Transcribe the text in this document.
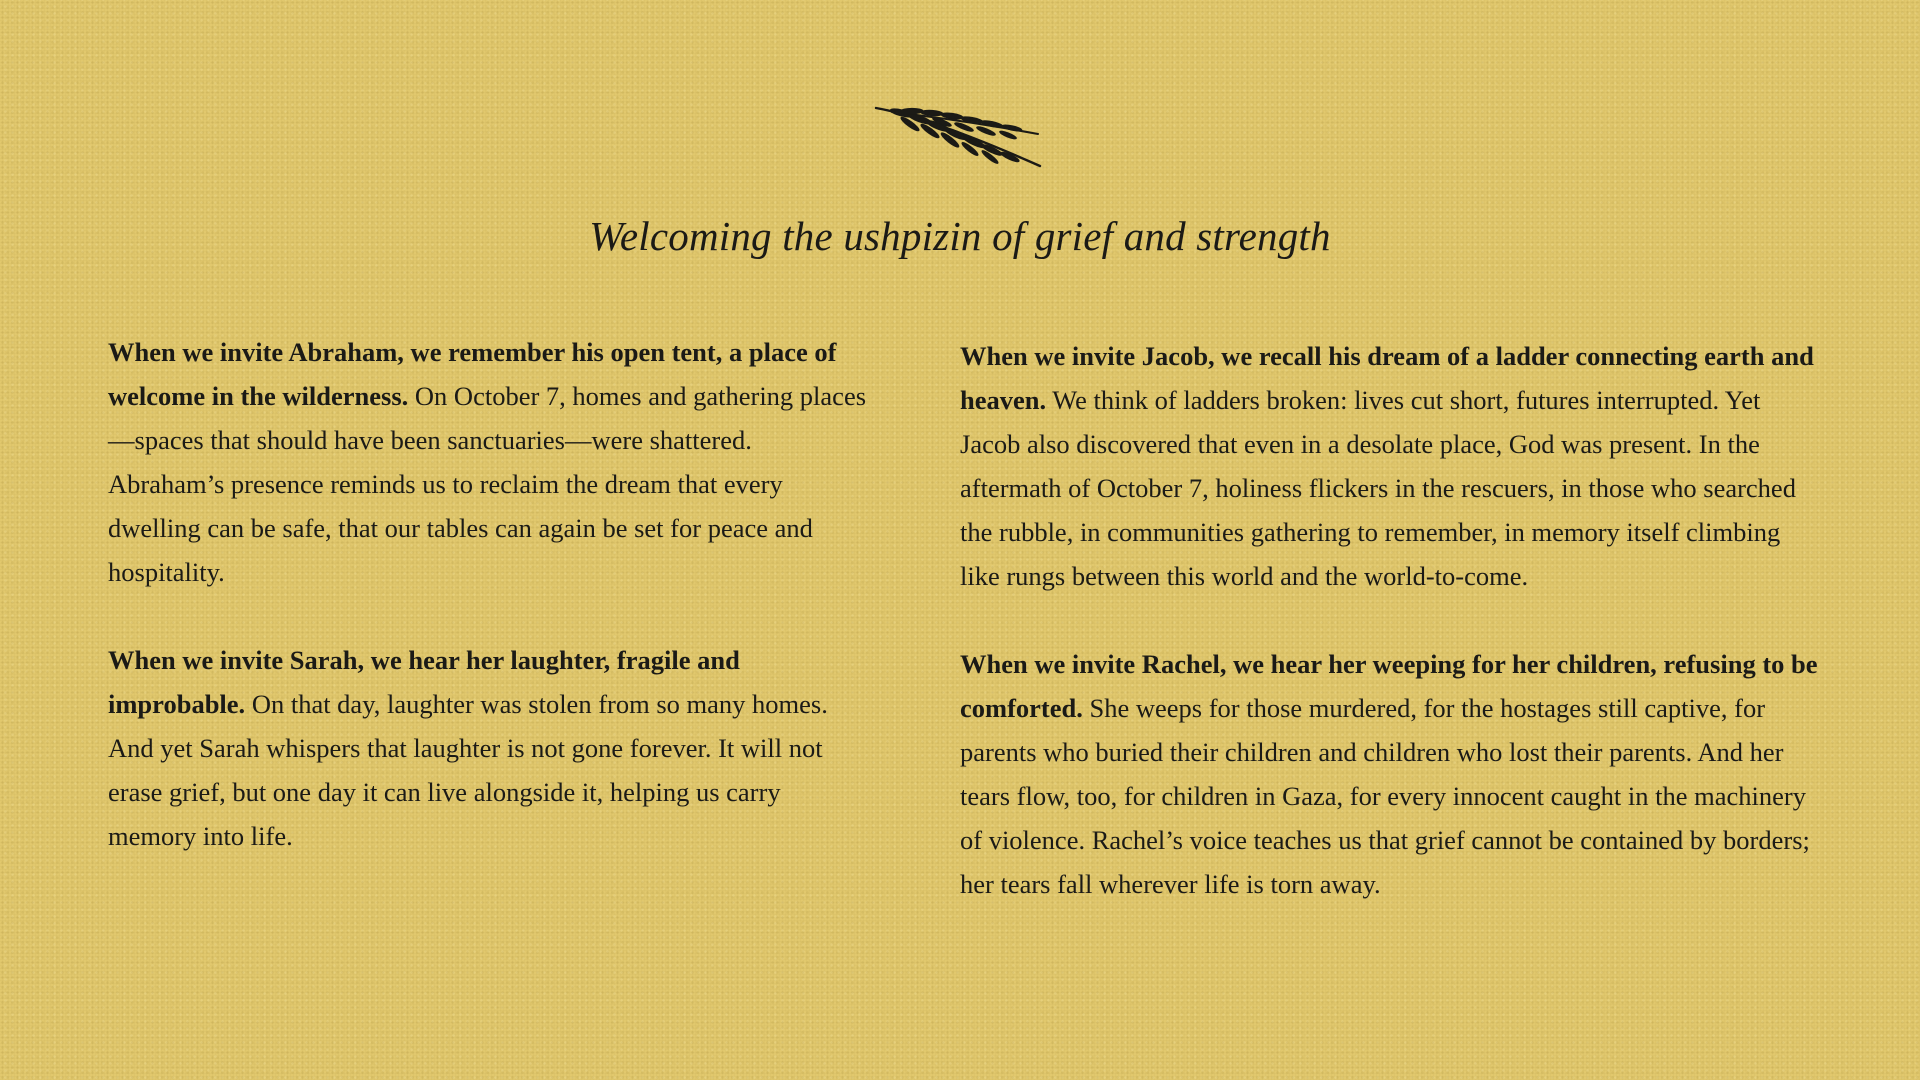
Welcoming the ushpizin of grief and strength

When we invite Abraham, we remember his open tent, a place of welcome in the wilderness. On October 7, homes and gathering places—spaces that should have been sanctuaries—were shattered. Abraham’s presence reminds us to reclaim the dream that every dwelling can be safe, that our tables can again be set for peace and hospitality.

When we invite Sarah, we hear her laughter, fragile and improbable. On that day, laughter was stolen from so many homes. And yet Sarah whispers that laughter is not gone forever. It will not erase grief, but one day it can live alongside it, helping us carry memory into life.

When we invite Jacob, we recall his dream of a ladder connecting earth and heaven. We think of ladders broken: lives cut short, futures interrupted. Yet Jacob also discovered that even in a desolate place, God was present. In the aftermath of October 7, holiness flickers in the rescuers, in those who searched the rubble, in communities gathering to remember, in memory itself climbing like rungs between this world and the world-to-come.

When we invite Rachel, we hear her weeping for her children, refusing to be comforted. She weeps for those murdered, for the hostages still captive, for parents who buried their children and children who lost their parents. And her tears flow, too, for children in Gaza, for every innocent caught in the machinery of violence. Rachel’s voice teaches us that grief cannot be contained by borders; her tears fall wherever life is torn away.
